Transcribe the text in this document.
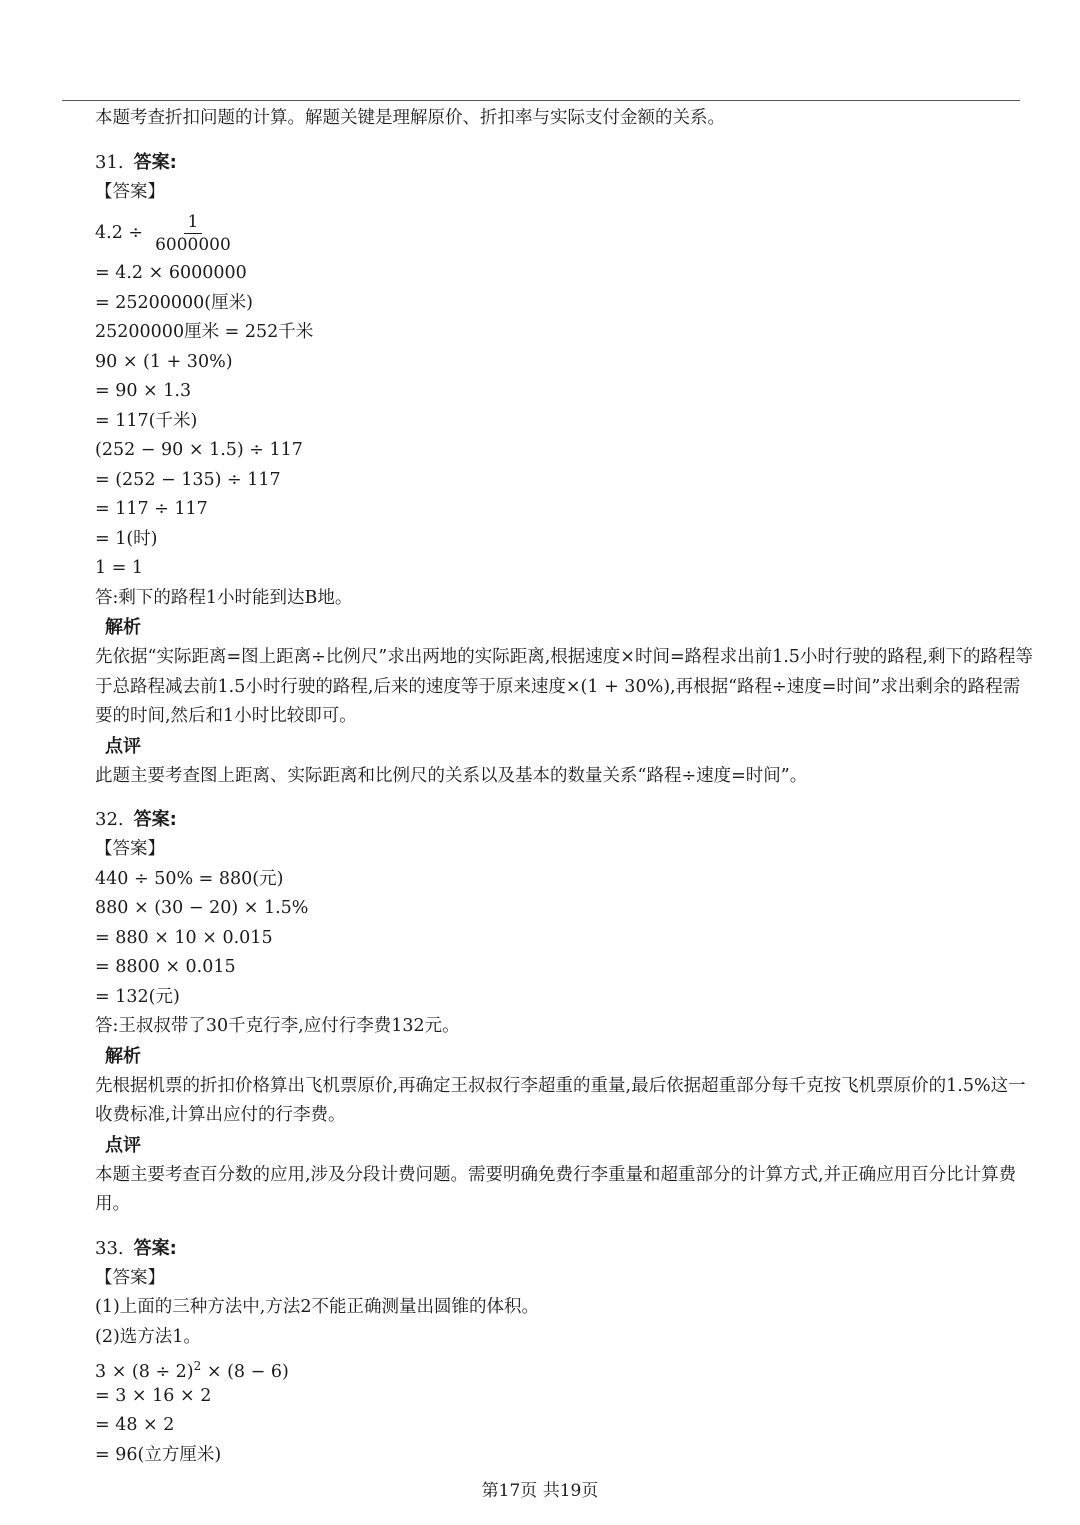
本题考查折扣问题的计算。解题关键是理解原价、折扣率与实际支付金额的关系。
31. 答案:
【答案】
$4.2 \div \frac{1}{6000000}$
= 4.2 × 6000000
= 25200000(厘米)
25200000厘米 = 252千米
90 × (1 + 30%)
= 90 × 1.3
= 117(千米)
(252 − 90 × 1.5) ÷ 117
= (252 − 135) ÷ 117
= 117 ÷ 117
= 1(时)
1 = 1
答:剩下的路程1小时能到达B地。
解析
先依据“实际距离=图上距离÷比例尺”求出两地的实际距离,根据速度×时间=路程求出前1.5小时行驶的路程,剩下的路程等于总路程减去前1.5小时行驶的路程,后来的速度等于原来速度×(1 + 30%),再根据“路程÷速度=时间”求出剩余的路程需要的时间,然后和1小时比较即可。
点评
此题主要考查图上距离、实际距离和比例尺的关系以及基本的数量关系“路程÷速度=时间”。
32. 答案:
【答案】
440 ÷ 50% = 880(元)
880 × (30 − 20) × 1.5%
= 880 × 10 × 0.015
= 8800 × 0.015
= 132(元)
答:王叔叔带了30千克行李,应付行李费132元。
解析
先根据机票的折扣价格算出飞机票原价,再确定王叔叔行李超重的重量,最后依据超重部分每千克按飞机票原价的1.5%这一收费标准,计算出应付的行李费。
点评
本题主要考查百分数的应用,涉及分段计费问题。需要明确免费行李重量和超重部分的计算方式,并正确应用百分比计算费用。
33. 答案:
【答案】
(1)上面的三种方法中,方法2不能正确测量出圆锥的体积。
(2)选方法1。
$3 \times (8 \div 2)^2 \times (8 - 6)$
= 3 × 16 × 2
= 48 × 2
= 96(立方厘米)
第17页 共19页
